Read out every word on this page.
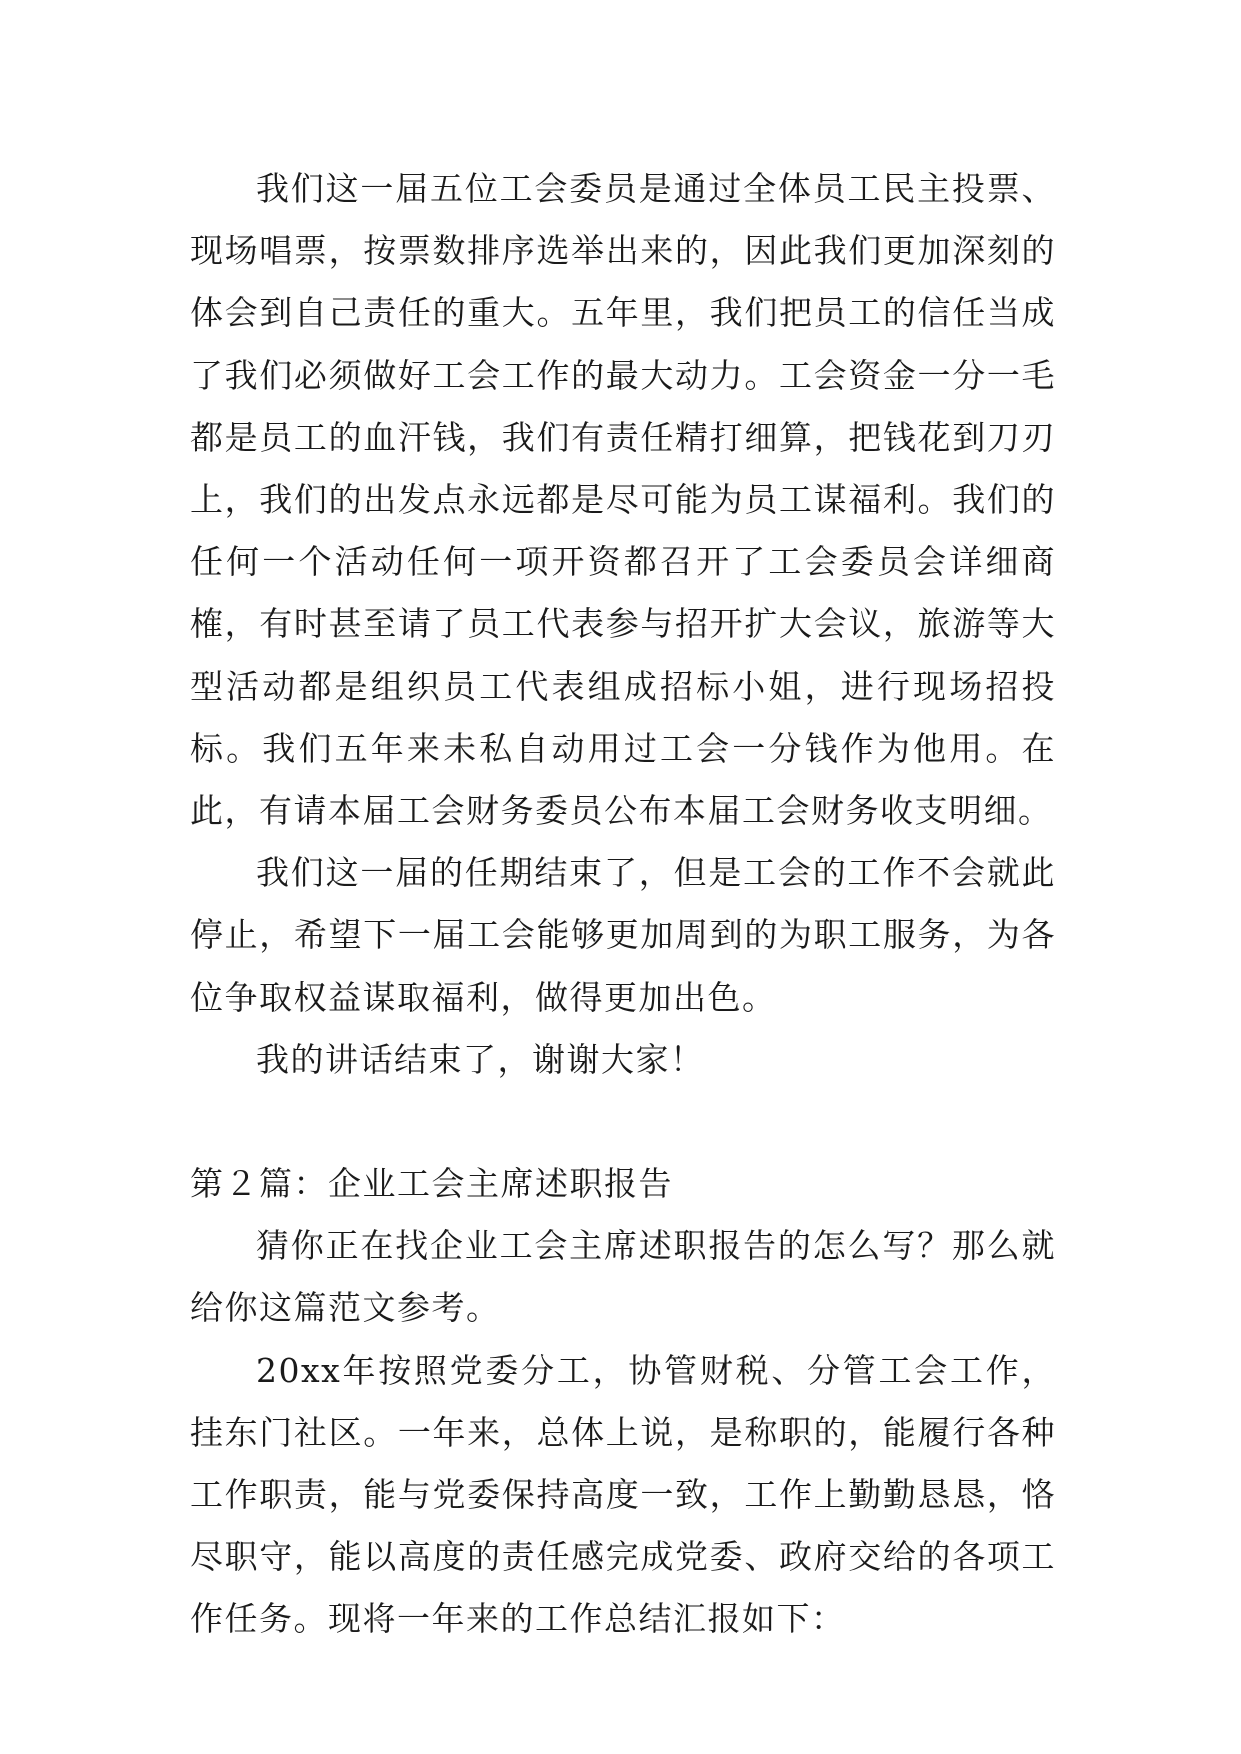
我们这一届五位工会委员是通过全体员工民主投票、现场唱票，按票数排序选举出来的，因此我们更加深刻的体会到自己责任的重大。五年里，我们把员工的信任当成了我们必须做好工会工作的最大动力。工会资金一分一毛都是员工的血汗钱，我们有责任精打细算，把钱花到刀刃上，我们的出发点永远都是尽可能为员工谋福利。我们的任何一个活动任何一项开资都召开了工会委员会详细商榷，有时甚至请了员工代表参与招开扩大会议，旅游等大型活动都是组织员工代表组成招标小姐，进行现场招投标。我们五年来未私自动用过工会一分钱作为他用。在此，有请本届工会财务委员公布本届工会财务收支明细。

我们这一届的任期结束了，但是工会的工作不会就此停止，希望下一届工会能够更加周到的为职工服务，为各位争取权益谋取福利，做得更加出色。

我的讲话结束了，谢谢大家！

第２篇：企业工会主席述职报告

猜你正在找企业工会主席述职报告的怎么写？那么就给你这篇范文参考。

20xx年按照党委分工，协管财税、分管工会工作，挂东门社区。一年来，总体上说，是称职的，能履行各种工作职责，能与党委保持高度一致，工作上勤勤恳恳，恪尽职守，能以高度的责任感完成党委、政府交给的各项工作任务。现将一年来的工作总结汇报如下：
